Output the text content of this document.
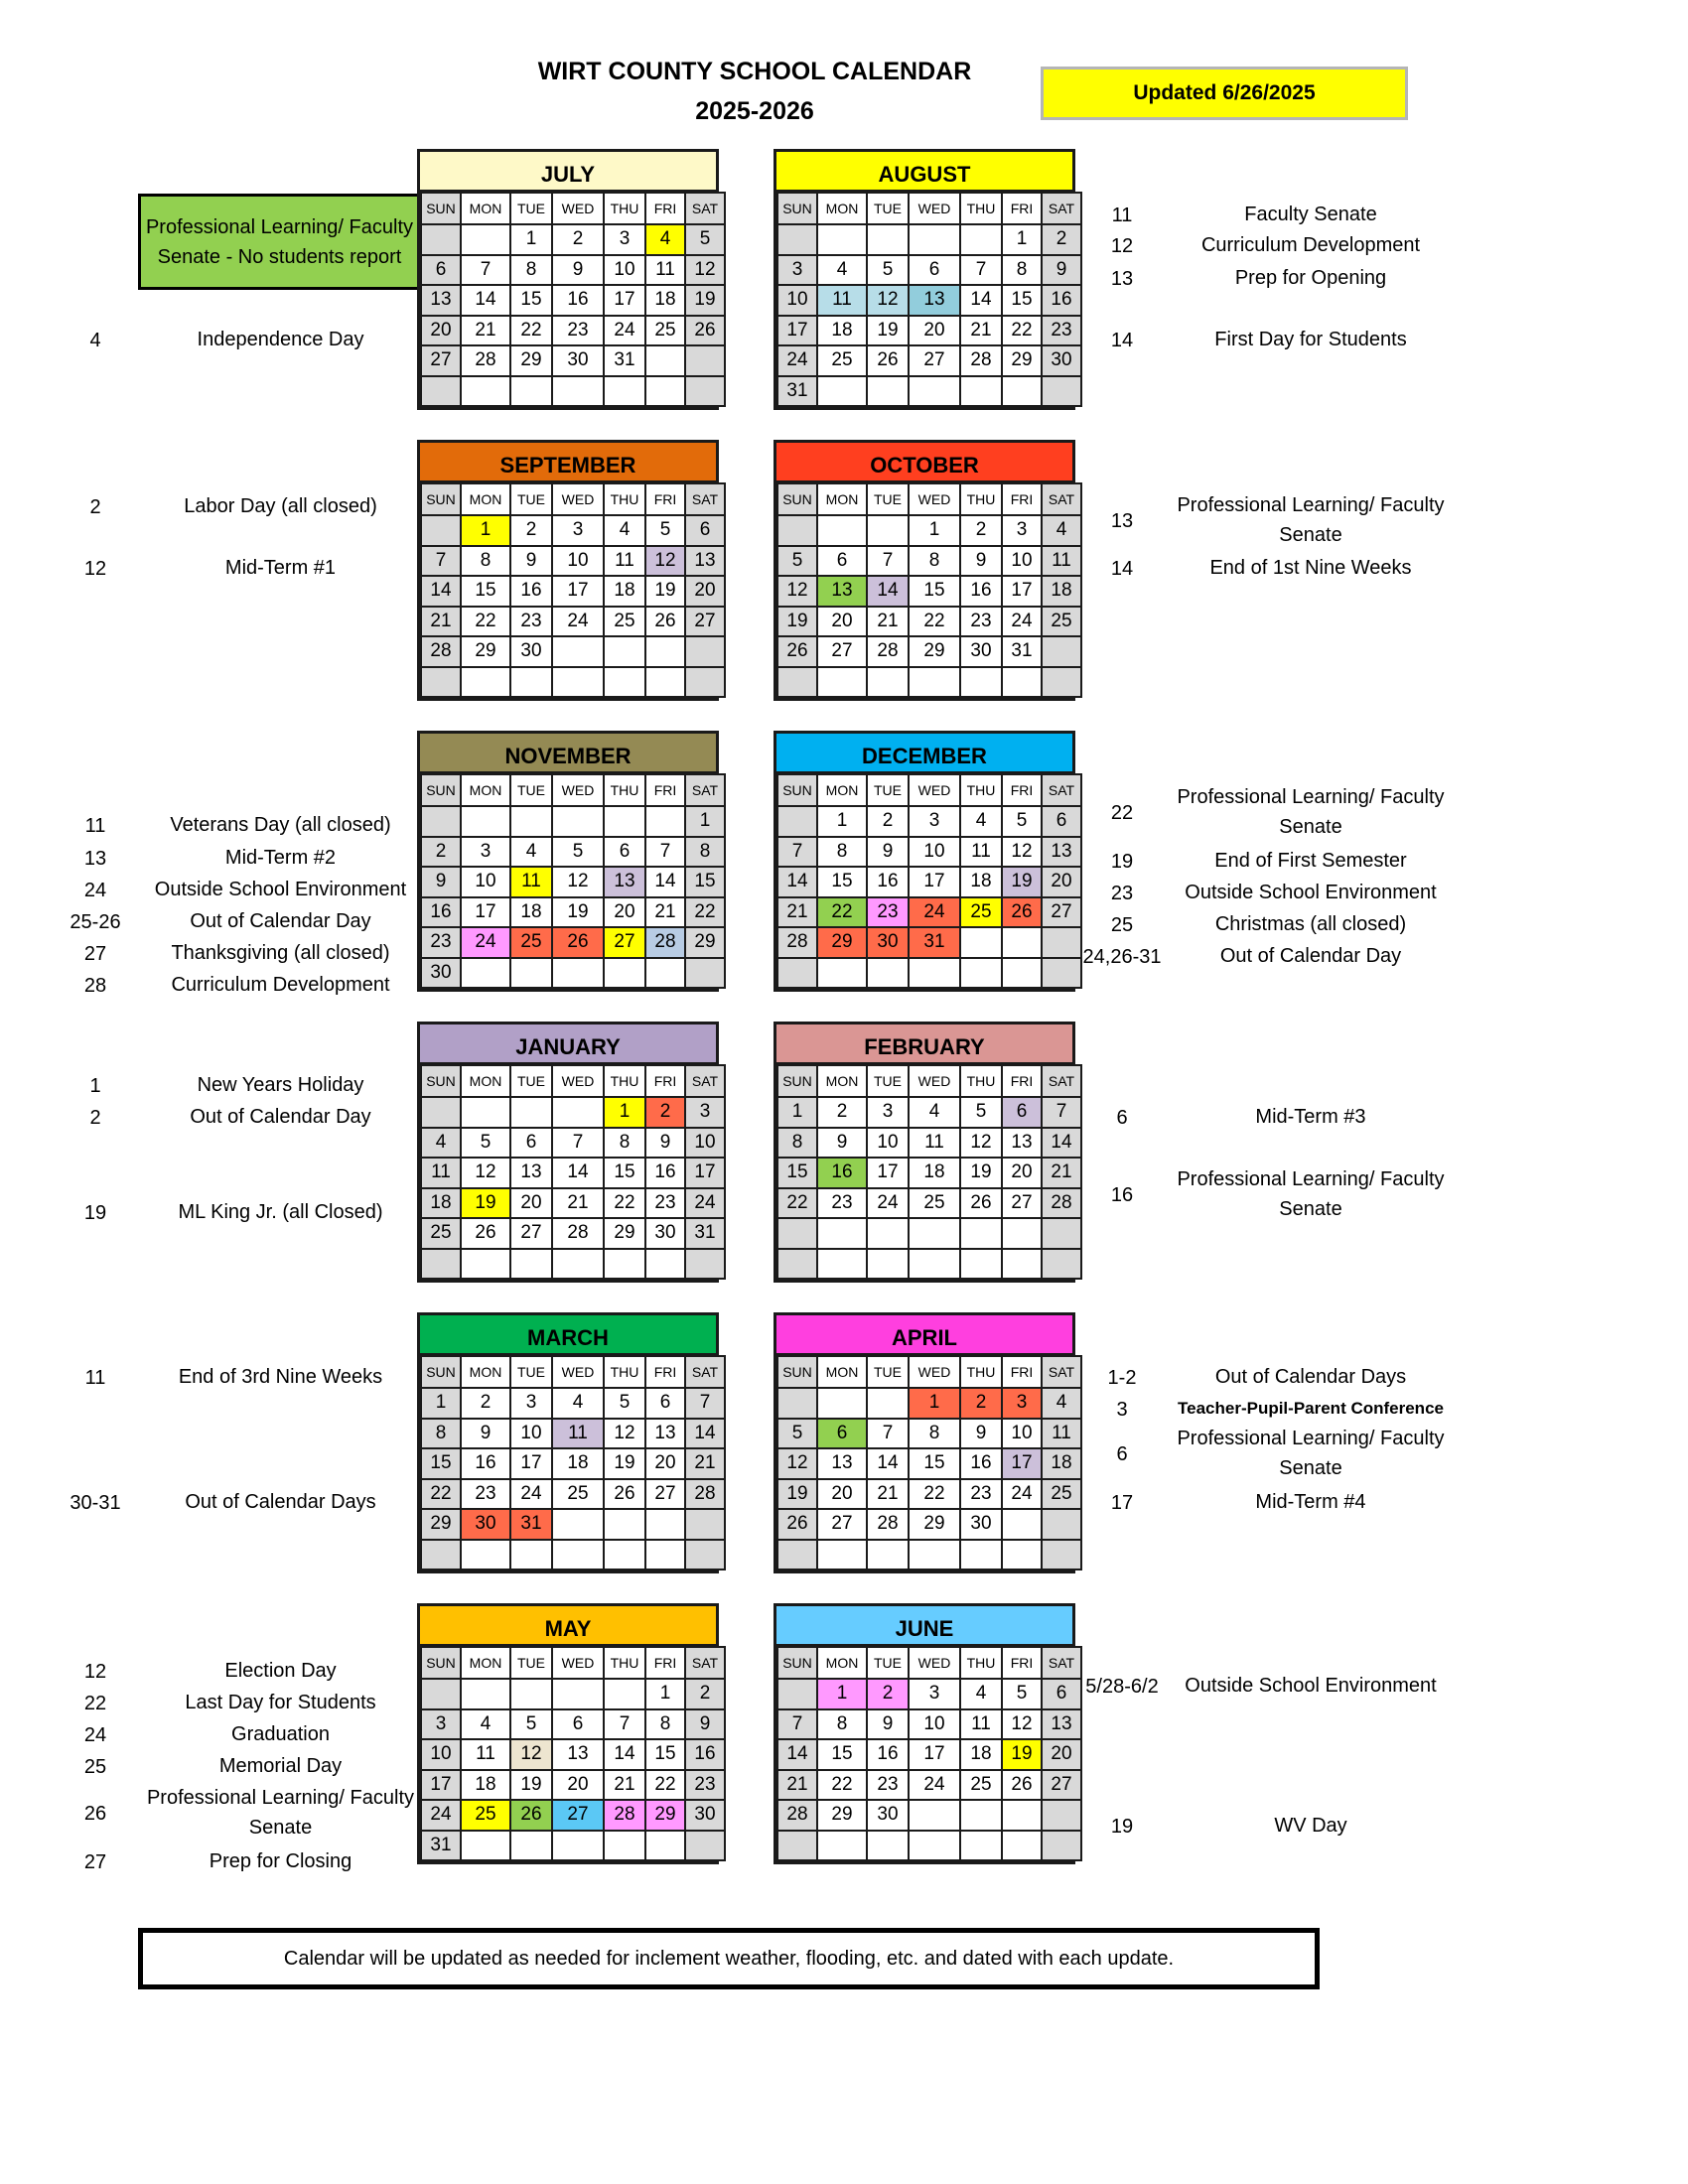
WIRT COUNTY SCHOOL CALENDAR
2025-2026
Updated 6/26/2025
Professional Learning/ Faculty
Senate - No students report
JULY
SUN	MON	TUE	WED	THU	FRI	SAT
		1	2	3	4	5
6	7	8	9	10	11	12
13	14	15	16	17	18	19
20	21	22	23	24	25	26
27	28	29	30	31		

AUGUST
SUN	MON	TUE	WED	THU	FRI	SAT
					1	2
3	4	5	6	7	8	9
10	11	12	13	14	15	16
17	18	19	20	21	22	23
24	25	26	27	28	29	30
31						
SEPTEMBER
SUN	MON	TUE	WED	THU	FRI	SAT
	1	2	3	4	5	6
7	8	9	10	11	12	13
14	15	16	17	18	19	20
21	22	23	24	25	26	27
28	29	30				

OCTOBER
SUN	MON	TUE	WED	THU	FRI	SAT
			1	2	3	4
5	6	7	8	9	10	11
12	13	14	15	16	17	18
19	20	21	22	23	24	25
26	27	28	29	30	31	

NOVEMBER
SUN	MON	TUE	WED	THU	FRI	SAT
						1
2	3	4	5	6	7	8
9	10	11	12	13	14	15
16	17	18	19	20	21	22
23	24	25	26	27	28	29
30						
DECEMBER
SUN	MON	TUE	WED	THU	FRI	SAT
	1	2	3	4	5	6
7	8	9	10	11	12	13
14	15	16	17	18	19	20
21	22	23	24	25	26	27
28	29	30	31			

JANUARY
SUN	MON	TUE	WED	THU	FRI	SAT
				1	2	3
4	5	6	7	8	9	10
11	12	13	14	15	16	17
18	19	20	21	22	23	24
25	26	27	28	29	30	31

FEBRUARY
SUN	MON	TUE	WED	THU	FRI	SAT
1	2	3	4	5	6	7
8	9	10	11	12	13	14
15	16	17	18	19	20	21
22	23	24	25	26	27	28

MARCH
SUN	MON	TUE	WED	THU	FRI	SAT
1	2	3	4	5	6	7
8	9	10	11	12	13	14
15	16	17	18	19	20	21
22	23	24	25	26	27	28
29	30	31				

APRIL
SUN	MON	TUE	WED	THU	FRI	SAT
			1	2	3	4
5	6	7	8	9	10	11
12	13	14	15	16	17	18
19	20	21	22	23	24	25
26	27	28	29	30		

MAY
SUN	MON	TUE	WED	THU	FRI	SAT
					1	2
3	4	5	6	7	8	9
10	11	12	13	14	15	16
17	18	19	20	21	22	23
24	25	26	27	28	29	30
31						
JUNE
SUN	MON	TUE	WED	THU	FRI	SAT
	1	2	3	4	5	6
7	8	9	10	11	12	13
14	15	16	17	18	19	20
21	22	23	24	25	26	27
28	29	30				

4	Independence Day
2	Labor Day (all closed)
12	Mid-Term #1
11	Veterans Day (all closed)
13	Mid-Term #2
24	Outside School Environment
25-26	Out of Calendar Day
27	Thanksgiving (all closed)
28	Curriculum Development
1	New Years Holiday
2	Out of Calendar Day
19	ML King Jr. (all Closed)
11	End of 3rd Nine Weeks
30-31	Out of Calendar Days
12	Election Day
22	Last Day for Students
24	Graduation
25	Memorial Day
26
Professional Learning/ Faculty
Senate
27	Prep for Closing
11	Faculty Senate
12	Curriculum Development
13	Prep for Opening
14	First Day for Students
13
Professional Learning/ Faculty
Senate
14	End of 1st Nine Weeks
22
Professional Learning/ Faculty
Senate
19	End of First Semester
23	Outside School Environment
25	Christmas (all closed)
24,26-31	Out of Calendar Day
6	Mid-Term #3
16
Professional Learning/ Faculty
Senate
1-2	Out of Calendar Days
3	Teacher-Pupil-Parent Conference
6
Professional Learning/ Faculty
Senate
17	Mid-Term #4
5/28-6/2	Outside School Environment
19	WV Day
Calendar will be updated as needed for inclement weather, flooding, etc. and dated with each update.
